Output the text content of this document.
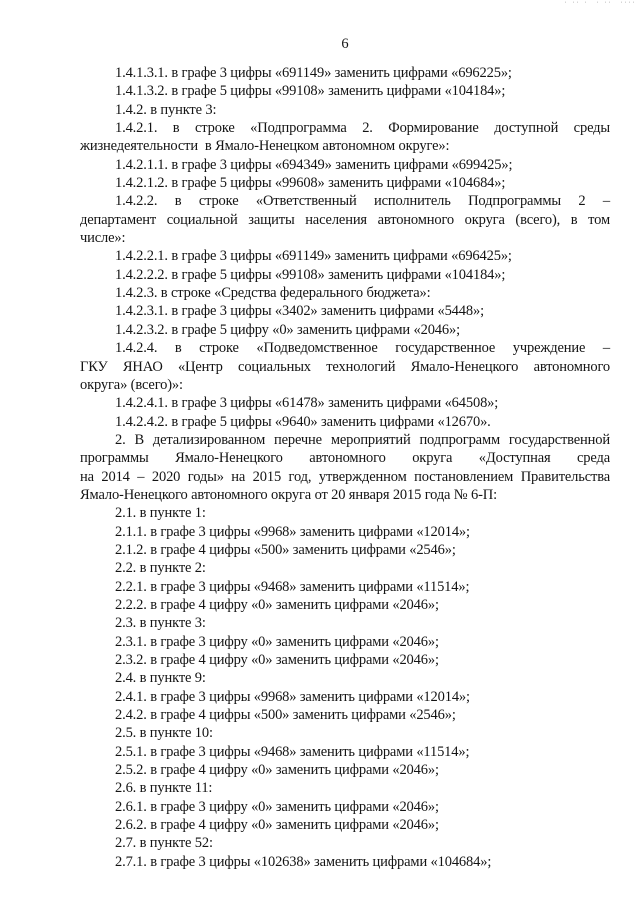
· ·· ·  · ··  ····
6
1.4.1.3.1. в графе 3 цифры «691149» заменить цифрами «696225»;
1.4.1.3.2. в графе 5 цифры «99108» заменить цифрами «104184»;
1.4.2. в пункте 3:
1.4.2.1. в строке «Подпрограмма 2. Формирование доступной среды
жизнедеятельности  в Ямало-Ненецком автономном округе»:
1.4.2.1.1. в графе 3 цифры «694349» заменить цифрами «699425»;
1.4.2.1.2. в графе 5 цифры «99608» заменить цифрами «104684»;
1.4.2.2. в строке «Ответственный исполнитель Подпрограммы 2 –
департамент социальной защиты населения автономного округа (всего), в том
числе»:
1.4.2.2.1. в графе 3 цифры «691149» заменить цифрами «696425»;
1.4.2.2.2. в графе 5 цифры «99108» заменить цифрами «104184»;
1.4.2.3. в строке «Средства федерального бюджета»:
1.4.2.3.1. в графе 3 цифры «3402» заменить цифрами «5448»;
1.4.2.3.2. в графе 5 цифру «0» заменить цифрами «2046»;
1.4.2.4. в строке «Подведомственное государственное учреждение –
ГКУ ЯНАО «Центр социальных технологий Ямало-Ненецкого автономного
округа» (всего)»:
1.4.2.4.1. в графе 3 цифры «61478» заменить цифрами «64508»;
1.4.2.4.2. в графе 5 цифры «9640» заменить цифрами «12670».
2. В детализированном перечне мероприятий подпрограмм государственной
программы Ямало-Ненецкого автономного округа «Доступная среда
на 2014 – 2020 годы» на 2015 год, утвержденном постановлением Правительства
Ямало-Ненецкого автономного округа от 20 января 2015 года № 6-П:
2.1. в пункте 1:
2.1.1. в графе 3 цифры «9968» заменить цифрами «12014»;
2.1.2. в графе 4 цифры «500» заменить цифрами «2546»;
2.2. в пункте 2:
2.2.1. в графе 3 цифры «9468» заменить цифрами «11514»;
2.2.2. в графе 4 цифру «0» заменить цифрами «2046»;
2.3. в пункте 3:
2.3.1. в графе 3 цифру «0» заменить цифрами «2046»;
2.3.2. в графе 4 цифру «0» заменить цифрами «2046»;
2.4. в пункте 9:
2.4.1. в графе 3 цифры «9968» заменить цифрами «12014»;
2.4.2. в графе 4 цифры «500» заменить цифрами «2546»;
2.5. в пункте 10:
2.5.1. в графе 3 цифры «9468» заменить цифрами «11514»;
2.5.2. в графе 4 цифру «0» заменить цифрами «2046»;
2.6. в пункте 11:
2.6.1. в графе 3 цифру «0» заменить цифрами «2046»;
2.6.2. в графе 4 цифру «0» заменить цифрами «2046»;
2.7. в пункте 52:
2.7.1. в графе 3 цифры «102638» заменить цифрами «104684»;
